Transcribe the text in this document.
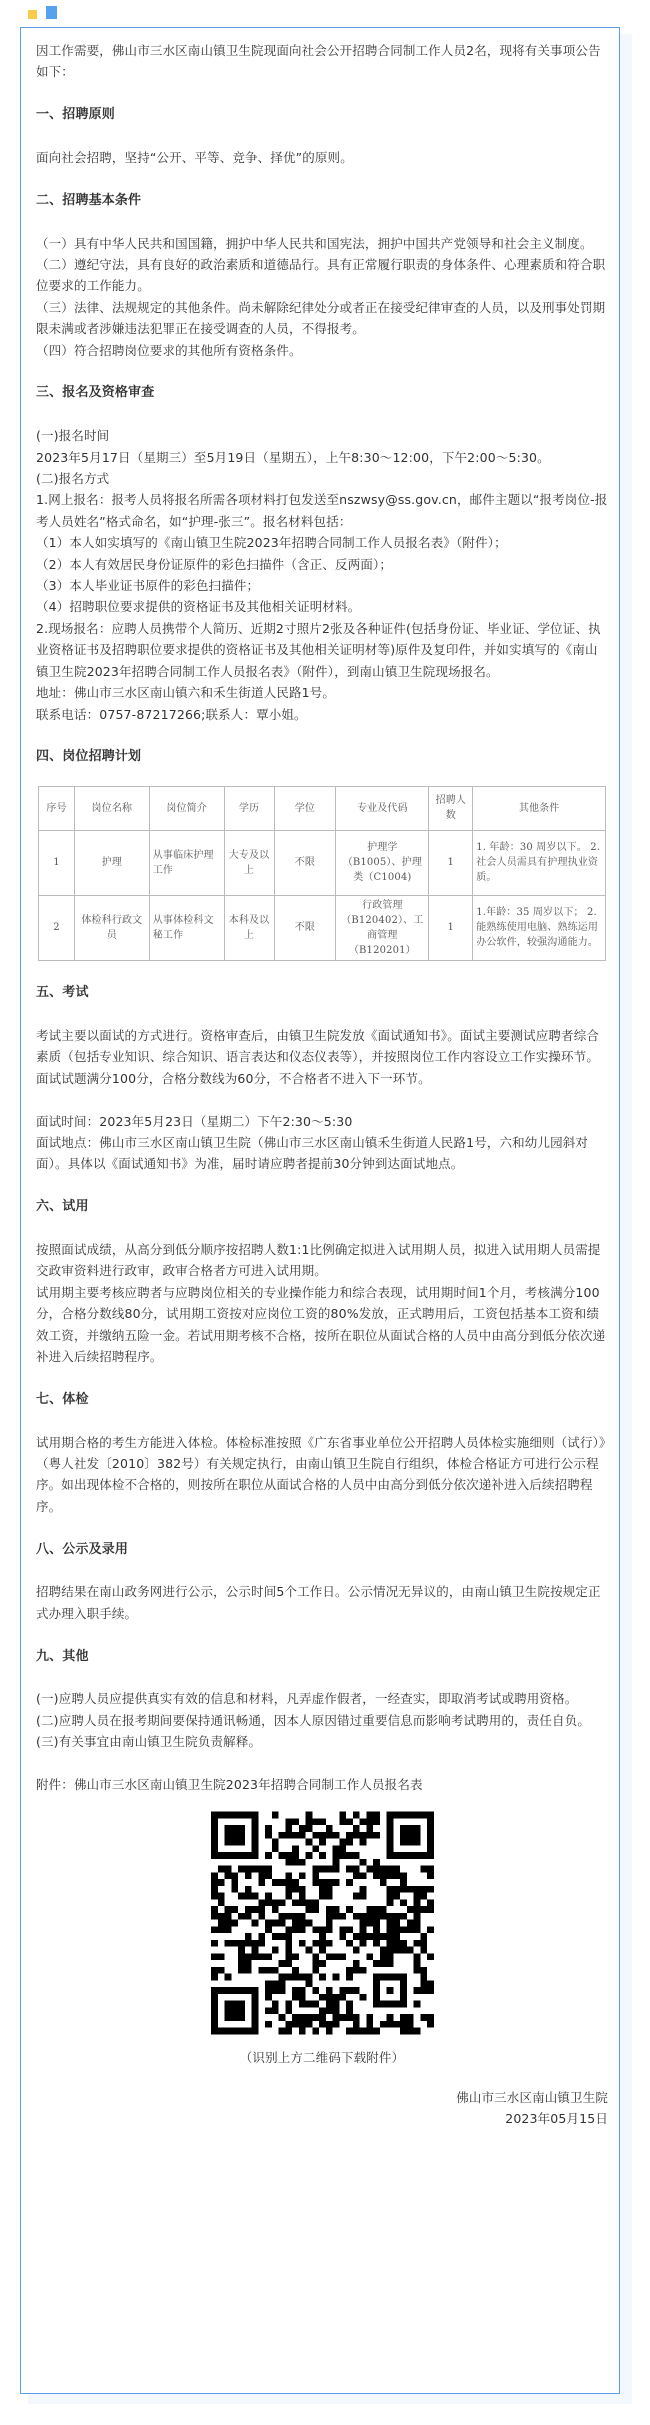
因工作需要，佛山市三水区南山镇卫生院现面向社会公开招聘合同制工作人员2名，现将有关事项公告如下：

一、招聘原则

面向社会招聘，坚持“公开、平等、竞争、择优”的原则。

二、招聘基本条件

（一）具有中华人民共和国国籍，拥护中华人民共和国宪法，拥护中国共产党领导和社会主义制度。

（二）遵纪守法，具有良好的政治素质和道德品行。具有正常履行职责的身体条件、心理素质和符合职位要求的工作能力。

（三）法律、法规规定的其他条件。尚未解除纪律处分或者正在接受纪律审查的人员，以及刑事处罚期限未满或者涉嫌违法犯罪正在接受调查的人员，不得报考。

（四）符合招聘岗位要求的其他所有资格条件。

三、报名及资格审查

(一)报名时间

2023年5月17日（星期三）至5月19日（星期五），上午8:30～12:00，下午2:00～5:30。

(二)报名方式

1.网上报名：报考人员将报名所需各项材料打包发送至nszwsy@ss.gov.cn，邮件主题以“报考岗位-报考人员姓名”格式命名，如“护理-张三”。报名材料包括：

（1）本人如实填写的《南山镇卫生院2023年招聘合同制工作人员报名表》（附件）；

（2）本人有效居民身份证原件的彩色扫描件（含正、反两面）；

（3）本人毕业证书原件的彩色扫描件；

（4）招聘职位要求提供的资格证书及其他相关证明材料。

2.现场报名：应聘人员携带个人简历、近期2寸照片2张及各种证件(包括身份证、毕业证、学位证、执业资格证书及招聘职位要求提供的资格证书及其他相关证明材等)原件及复印件，并如实填写的《南山镇卫生院2023年招聘合同制工作人员报名表》（附件），到南山镇卫生院现场报名。

地址：佛山市三水区南山镇六和禾生街道人民路1号。

联系电话：0757-87217266;联系人：覃小姐。

四、岗位招聘计划

序号	岗位名称	岗位简介	学历	学位	专业及代码	招聘人数	其他条件
1	护理	从事临床护理工作	大专及以上	不限	护理学（B1005）、护理类（C1004)	1	1. 年龄：30 周岁以下。 2. 社会人员需具有护理执业资质。
2	体检科行政文员	从事体检科文秘工作	本科及以上	不限	行政管理（B120402）、工商管理（B120201）	1	1.年龄：35 周岁以下； 2.能熟练使用电脑、熟练运用办公软件，较强沟通能力。

五、考试

考试主要以面试的方式进行。资格审查后，由镇卫生院发放《面试通知书》。面试主要测试应聘者综合素质（包括专业知识、综合知识、语言表达和仪态仪表等），并按照岗位工作内容设立工作实操环节。面试试题满分100分，合格分数线为60分，不合格者不进入下一环节。

面试时间：2023年5月23日（星期二）下午2:30～5:30

面试地点：佛山市三水区南山镇卫生院（佛山市三水区南山镇禾生街道人民路1号，六和幼儿园斜对面）。具体以《面试通知书》为准，届时请应聘者提前30分钟到达面试地点。

六、试用

按照面试成绩，从高分到低分顺序按招聘人数1:1比例确定拟进入试用期人员，拟进入试用期人员需提交政审资料进行政审，政审合格者方可进入试用期。

试用期主要考核应聘者与应聘岗位相关的专业操作能力和综合表现，试用期时间1个月，考核满分100分，合格分数线80分，试用期工资按对应岗位工资的80%发放，正式聘用后，工资包括基本工资和绩效工资，并缴纳五险一金。若试用期考核不合格，按所在职位从面试合格的人员中由高分到低分依次递补进入后续招聘程序。

七、体检

试用期合格的考生方能进入体检。体检标准按照《广东省事业单位公开招聘人员体检实施细则（试行）》（粤人社发〔2010〕382号）有关规定执行，由南山镇卫生院自行组织，体检合格证方可进行公示程序。如出现体检不合格的，则按所在职位从面试合格的人员中由高分到低分依次递补进入后续招聘程序。

八、公示及录用

招聘结果在南山政务网进行公示，公示时间5个工作日。公示情况无异议的，由南山镇卫生院按规定正式办理入职手续。

九、其他

(一)应聘人员应提供真实有效的信息和材料，凡弄虚作假者，一经查实，即取消考试或聘用资格。

(二)应聘人员在报考期间要保持通讯畅通，因本人原因错过重要信息而影响考试聘用的，责任自负。

(三)有关事宜由南山镇卫生院负责解释。

附件：佛山市三水区南山镇卫生院2023年招聘合同制工作人员报名表

（识别上方二维码下载附件）

佛山市三水区南山镇卫生院

2023年05月15日
